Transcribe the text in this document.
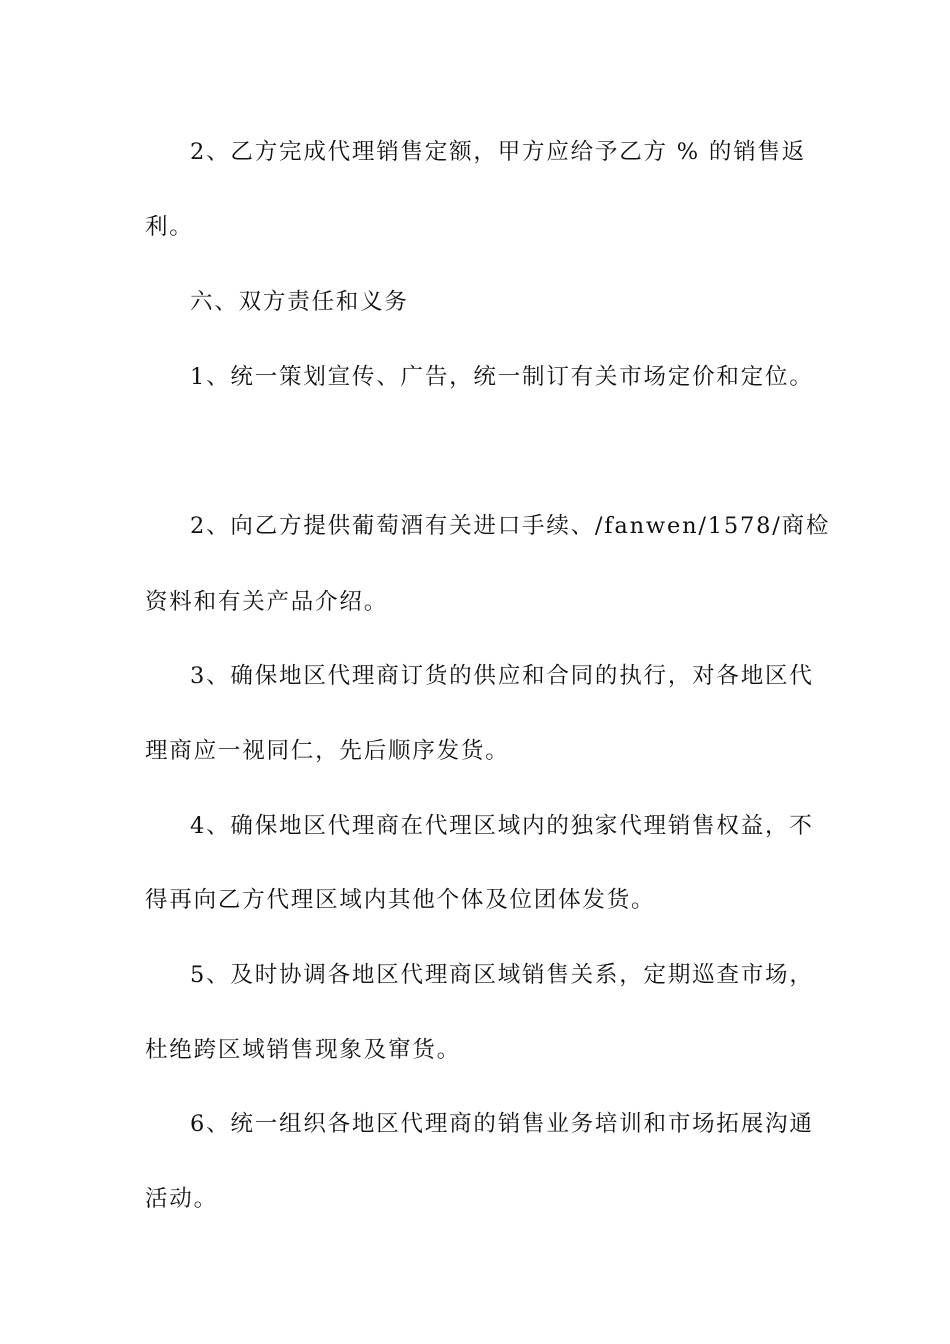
2、乙方完成代理销售定额，甲方应给予乙方 % 的销售返
利。
六、双方责任和义务
1、统一策划宣传、广告，统一制订有关市场定价和定位。
2、向乙方提供葡萄酒有关进口手续、/fanwen/1578/商检
资料和有关产品介绍。
3、确保地区代理商订货的供应和合同的执行，对各地区代
理商应一视同仁，先后顺序发货。
4、确保地区代理商在代理区域内的独家代理销售权益，不
得再向乙方代理区域内其他个体及位团体发货。
5、及时协调各地区代理商区域销售关系，定期巡查市场，
杜绝跨区域销售现象及窜货。
6、统一组织各地区代理商的销售业务培训和市场拓展沟通
活动。
